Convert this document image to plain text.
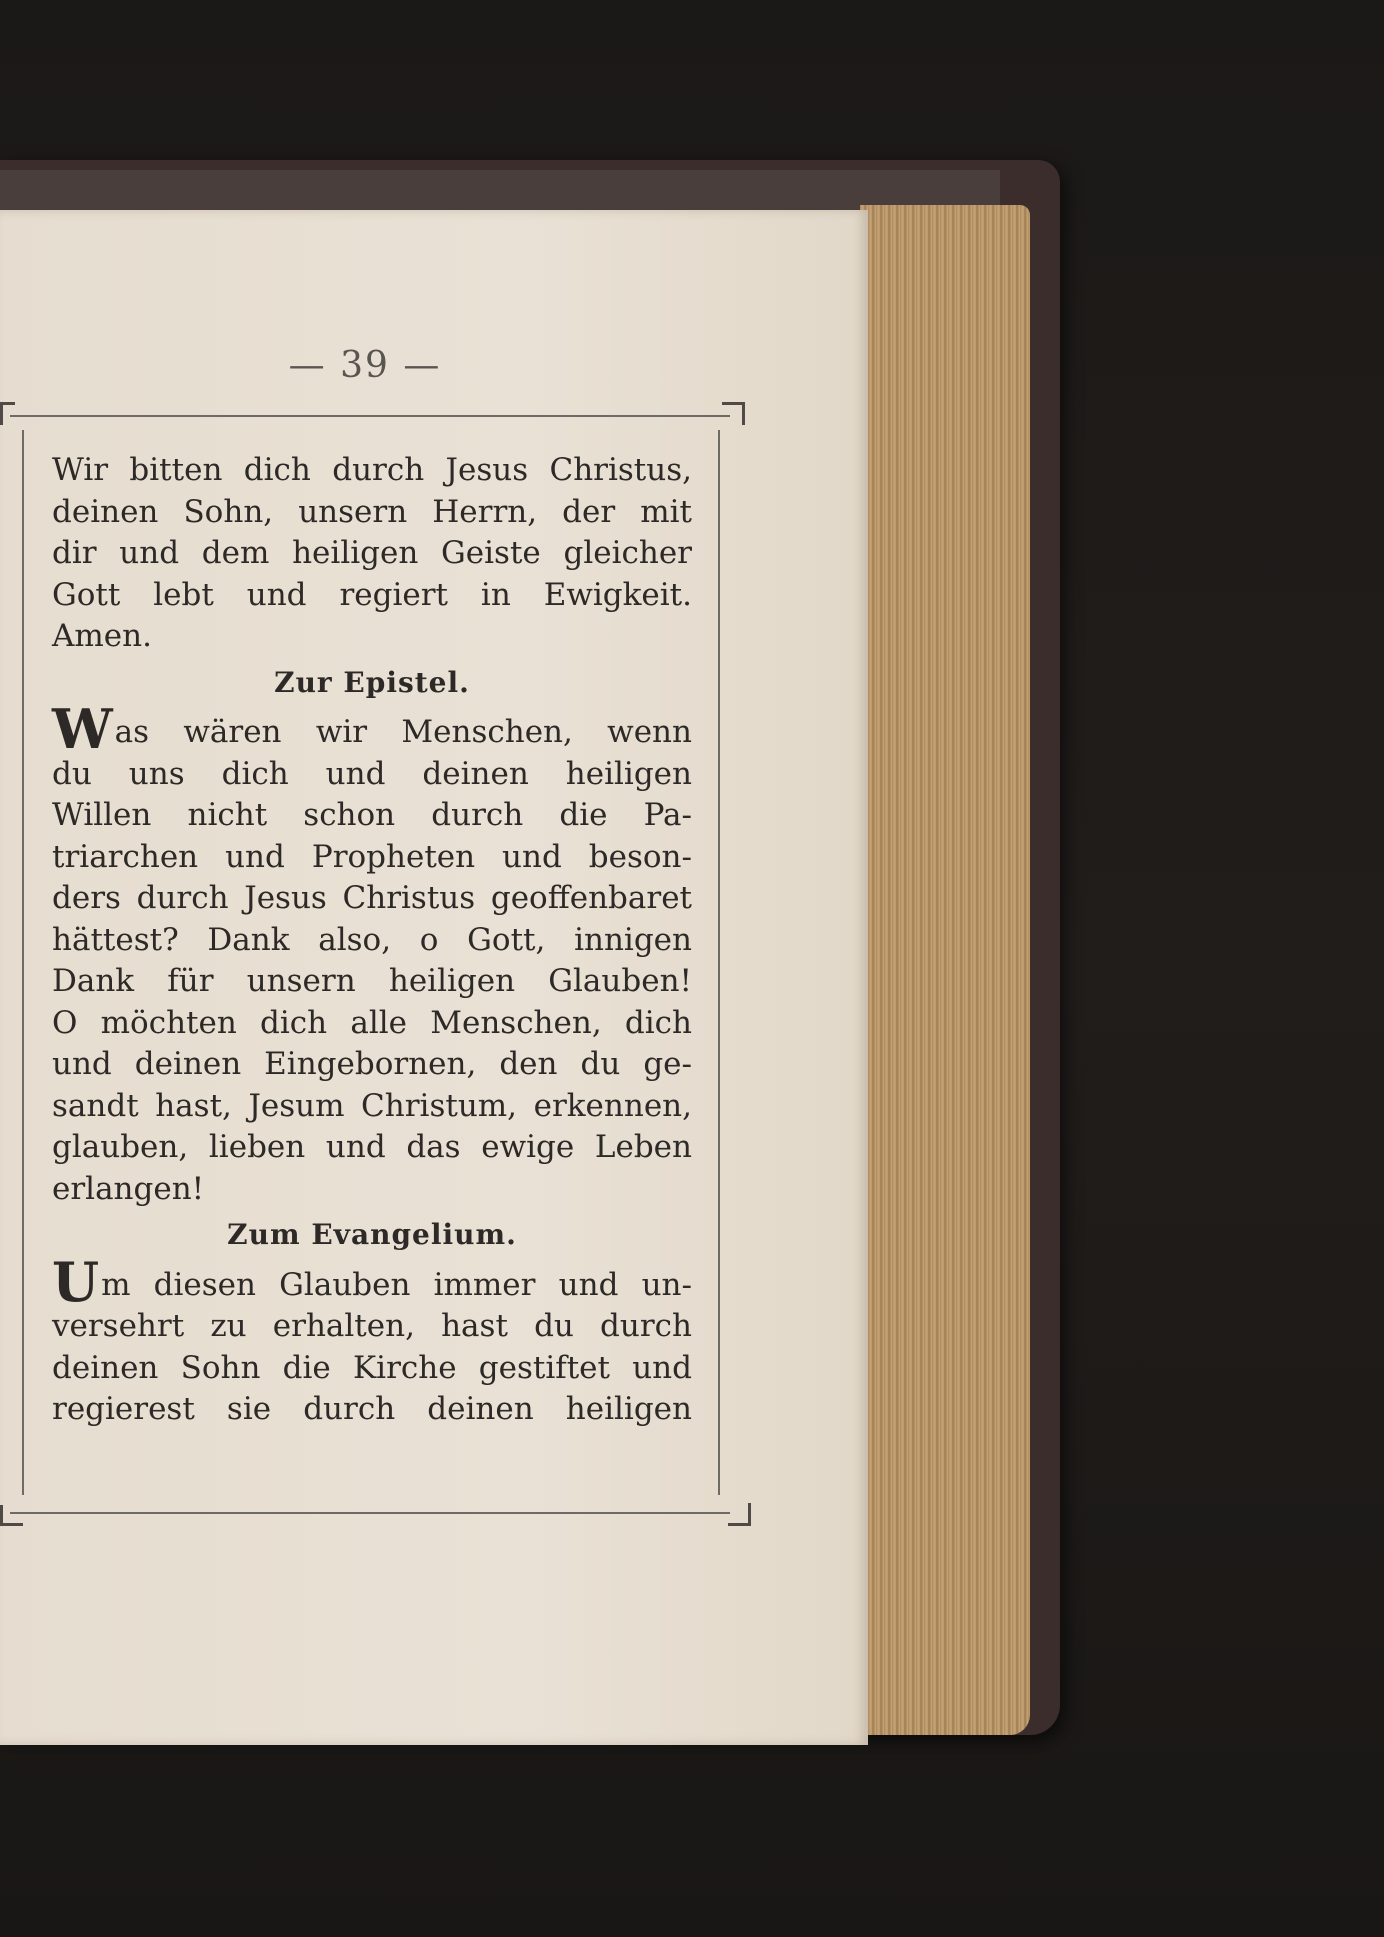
— 39 —
Wir bitten dich durch Jesus Christus,
deinen Sohn, unsern Herrn, der mit
dir und dem heiligen Geiste gleicher
Gott lebt und regiert in Ewigkeit.
Amen.
Zur Epistel.
Was wären wir Menschen, wenn
du uns dich und deinen heiligen
Willen nicht schon durch die Pa-
triarchen und Propheten und beson-
ders durch Jesus Christus geoffenbaret
hättest? Dank also, o Gott, innigen
Dank für unsern heiligen Glauben!
O möchten dich alle Menschen, dich
und deinen Eingebornen, den du ge-
sandt hast, Jesum Christum, erkennen,
glauben, lieben und das ewige Leben
erlangen!
Zum Evangelium.
Um diesen Glauben immer und un-
versehrt zu erhalten, hast du durch
deinen Sohn die Kirche gestiftet und
regierest sie durch deinen heiligen
